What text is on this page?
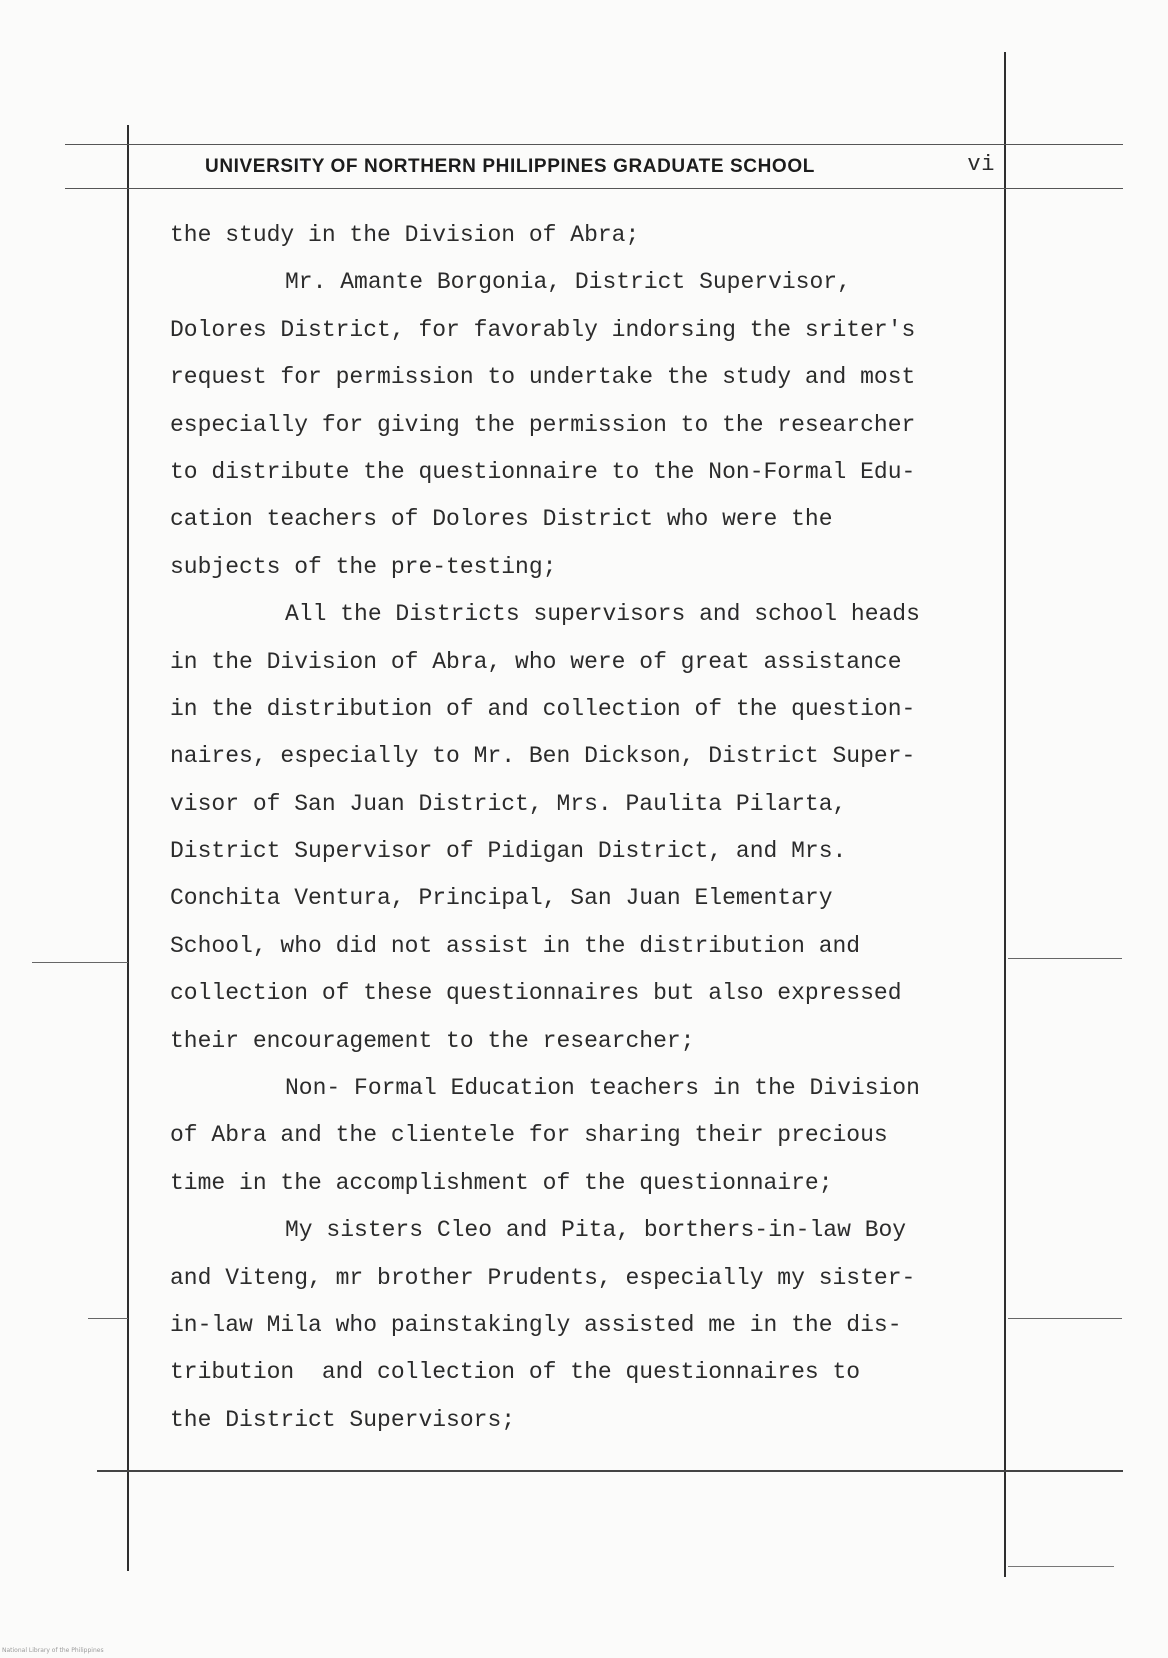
UNIVERSITY OF NORTHERN PHILIPPINES GRADUATE SCHOOL	vi
the study in the Division of Abra;
Mr. Amante Borgonia, District Supervisor,
Dolores District, for favorably indorsing the sriter's
request for permission to undertake the study and most
especially for giving the permission to the researcher
to distribute the questionnaire to the Non-Formal Edu-
cation teachers of Dolores District who were the
subjects of the pre-testing;
All the Districts supervisors and school heads
in the Division of Abra, who were of great assistance
in the distribution of and collection of the question-
naires, especially to Mr. Ben Dickson, District Super-
visor of San Juan District, Mrs. Paulita Pilarta,
District Supervisor of Pidigan District, and Mrs.
Conchita Ventura, Principal, San Juan Elementary
School, who did not assist in the distribution and
collection of these questionnaires but also expressed
their encouragement to the researcher;
Non- Formal Education teachers in the Division
of Abra and the clientele for sharing their precious
time in the accomplishment of the questionnaire;
My sisters Cleo and Pita, borthers-in-law Boy
and Viteng, mr brother Prudents, especially my sister-
in-law Mila who painstakingly assisted me in the dis-
tribution  and collection of the questionnaires to
the District Supervisors;
National Library of the Philippines
